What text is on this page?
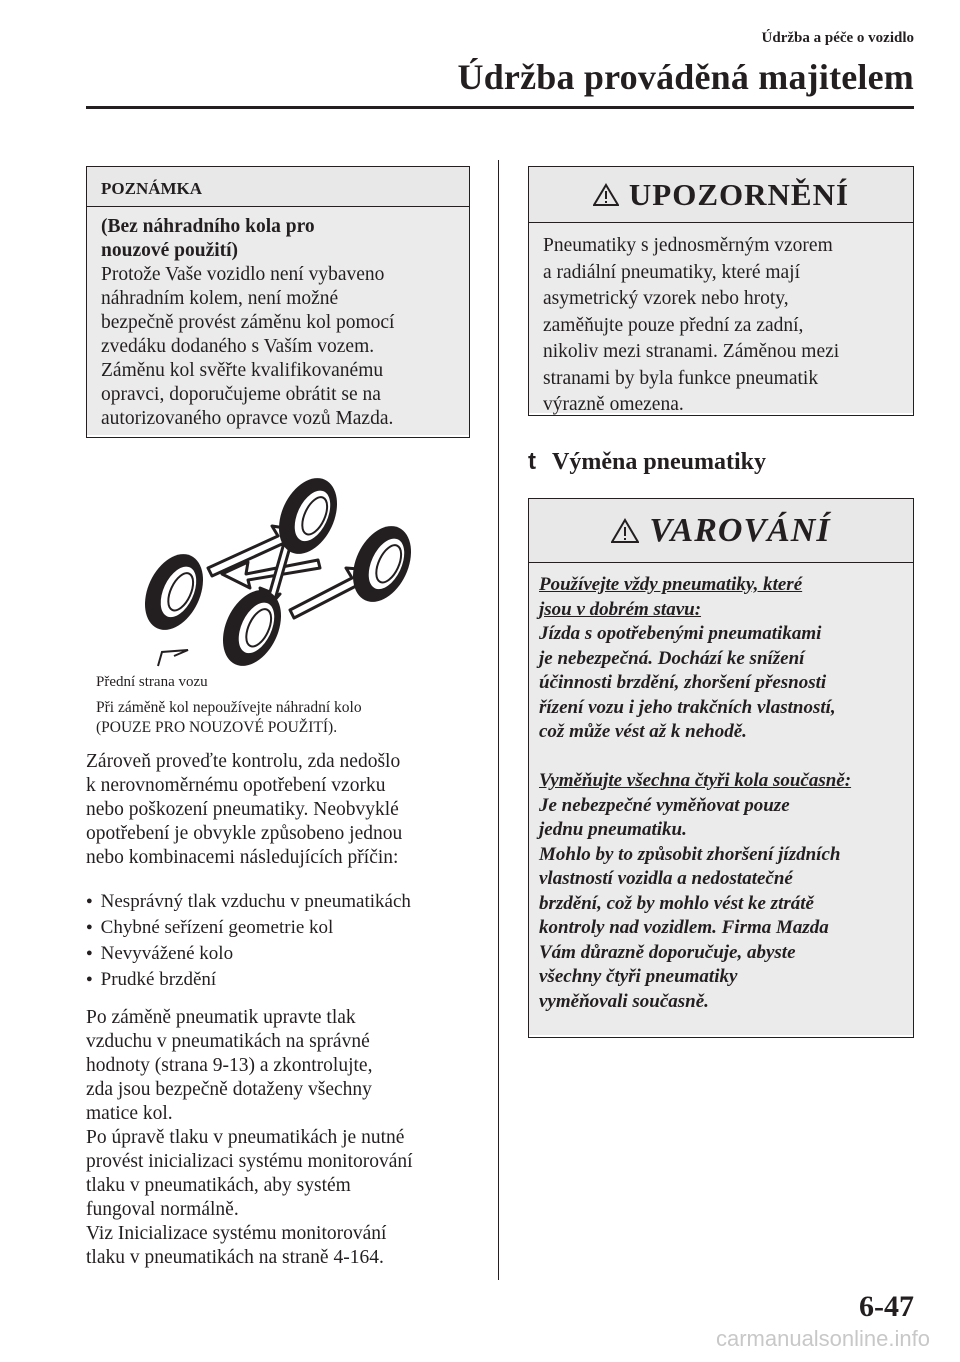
Údržba a péče o vozidlo
Údržba prováděná majitelem
POZNÁMKA
(Bez náhradního kola pro
nouzové použití)
Protože Vaše vozidlo není vybaveno
náhradním kolem, není možné
bezpečně provést záměnu kol pomocí
zvedáku dodaného s Vaším vozem.
Záměnu kol svěřte kvalifikovanému
opravci, doporučujeme obrátit se na
autorizovaného opravce vozů Mazda.
Přední strana vozu
Při záměně kol nepoužívejte náhradní kolo
(POUZE PRO NOUZOVÉ POUŽITÍ).
Zároveň proveďte kontrolu, zda nedošlo
k nerovnoměrnému opotřebení vzorku
nebo poškození pneumatiky. Neobvyklé
opotřebení je obvykle způsobeno jednou
nebo kombinacemi následujících příčin:
● Nesprávný tlak vzduchu v pneumatikách
● Chybné seřízení geometrie kol
● Nevyvážené kolo
● Prudké brzdění
Po záměně pneumatik upravte tlak
vzduchu v pneumatikách na správné
hodnoty (strana 9-13) a zkontrolujte,
zda jsou bezpečně dotaženy všechny
matice kol.
Po úpravě tlaku v pneumatikách je nutné
provést inicializaci systému monitorování
tlaku v pneumatikách, aby systém
fungoval normálně.
Viz Inicializace systému monitorování
tlaku v pneumatikách na straně 4-164.
UPOZORNĚNÍ
Pneumatiky s jednosměrným vzorem
a radiální pneumatiky, které mají
asymetrický vzorek nebo hroty,
zaměňujte pouze přední za zadní,
nikoliv mezi stranami. Záměnou mezi
stranami by byla funkce pneumatik
výrazně omezena.
t Výměna pneumatiky
VAROVÁNÍ
Používejte vždy pneumatiky, které
jsou v dobrém stavu:
Jízda s opotřebenými pneumatikami
je nebezpečná. Dochází ke snížení
účinnosti brzdění, zhoršení přesnosti
řízení vozu i jeho trakčních vlastností,
což může vést až k nehodě.

Vyměňujte všechna čtyři kola současně:
Je nebezpečné vyměňovat pouze
jednu pneumatiku.
Mohlo by to způsobit zhoršení jízdních
vlastností vozidla a nedostatečné
brzdění, což by mohlo vést ke ztrátě
kontroly nad vozidlem. Firma Mazda
Vám důrazně doporučuje, abyste
všechny čtyři pneumatiky
vyměňovali současně.
6-47
carmanualsonline.info
